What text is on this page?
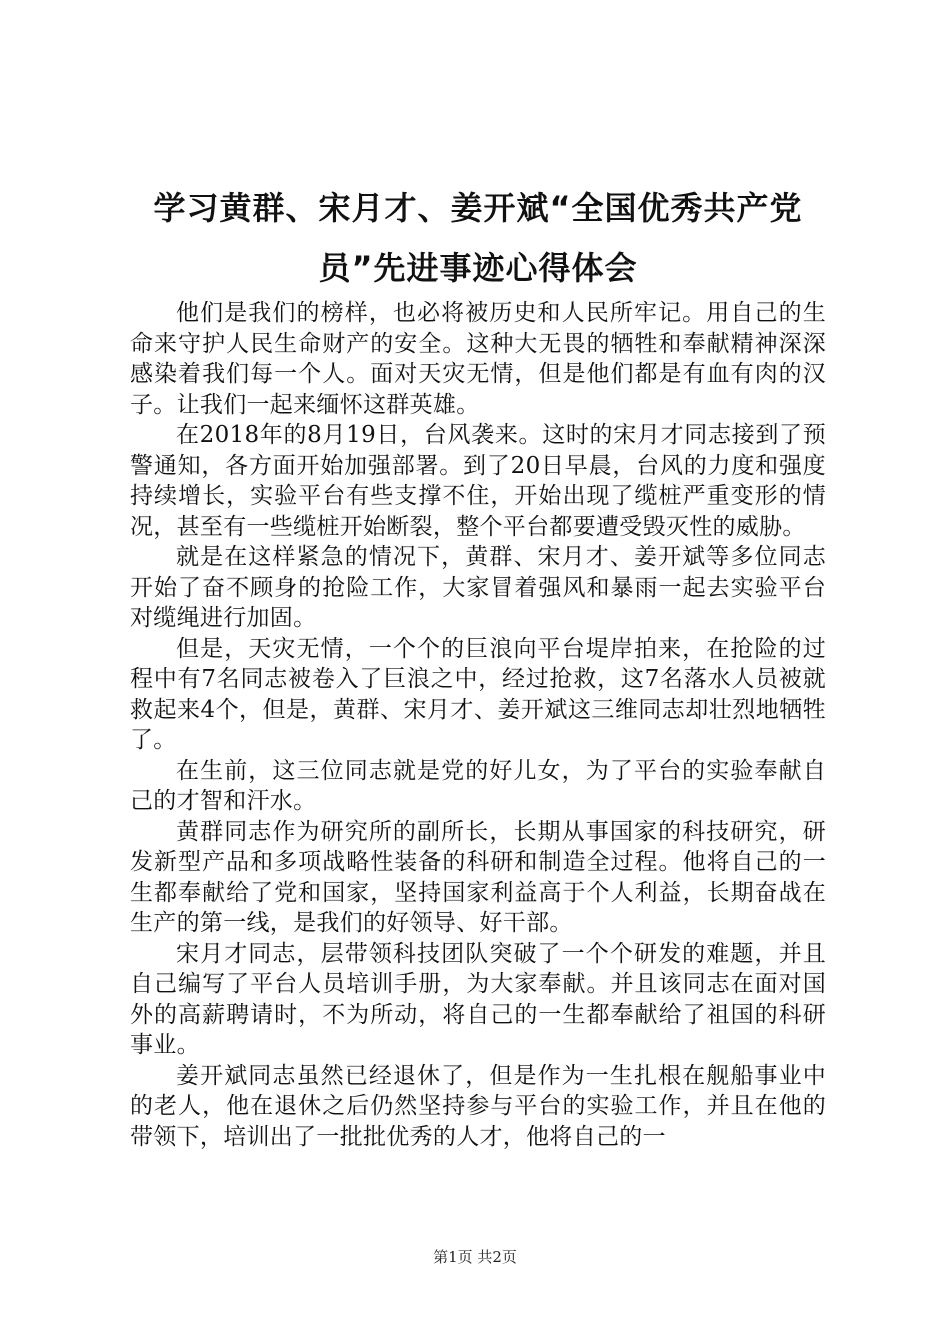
学习黄群、宋月才、姜开斌“全国优秀共产党
员”先进事迹心得体会

他们是我们的榜样，也必将被历史和人民所牢记。用自己的生命来守护人民生命财产的安全。这种大无畏的牺牲和奉献精神深深感染着我们每一个人。面对天灾无情，但是他们都是有血有肉的汉子。让我们一起来缅怀这群英雄。

在2018年的8月19日，台风袭来。这时的宋月才同志接到了预警通知，各方面开始加强部署。到了20日早晨，台风的力度和强度持续增长，实验平台有些支撑不住，开始出现了缆桩严重变形的情况，甚至有一些缆桩开始断裂，整个平台都要遭受毁灭性的威胁。

就是在这样紧急的情况下，黄群、宋月才、姜开斌等多位同志开始了奋不顾身的抢险工作，大家冒着强风和暴雨一起去实验平台对缆绳进行加固。

但是，天灾无情，一个个的巨浪向平台堤岸拍来，在抢险的过程中有7名同志被卷入了巨浪之中，经过抢救，这7名落水人员被就救起来4个，但是，黄群、宋月才、姜开斌这三维同志却壮烈地牺牲了。

在生前，这三位同志就是党的好儿女，为了平台的实验奉献自己的才智和汗水。

黄群同志作为研究所的副所长，长期从事国家的科技研究，研发新型产品和多项战略性装备的科研和制造全过程。他将自己的一生都奉献给了党和国家，坚持国家利益高于个人利益，长期奋战在生产的第一线，是我们的好领导、好干部。

宋月才同志，层带领科技团队突破了一个个研发的难题，并且自己编写了平台人员培训手册，为大家奉献。并且该同志在面对国外的高薪聘请时，不为所动，将自己的一生都奉献给了祖国的科研事业。

姜开斌同志虽然已经退休了，但是作为一生扎根在舰船事业中的老人，他在退休之后仍然坚持参与平台的实验工作，并且在他的带领下，培训出了一批批优秀的人才，他将自己的一

第1页 共2页
